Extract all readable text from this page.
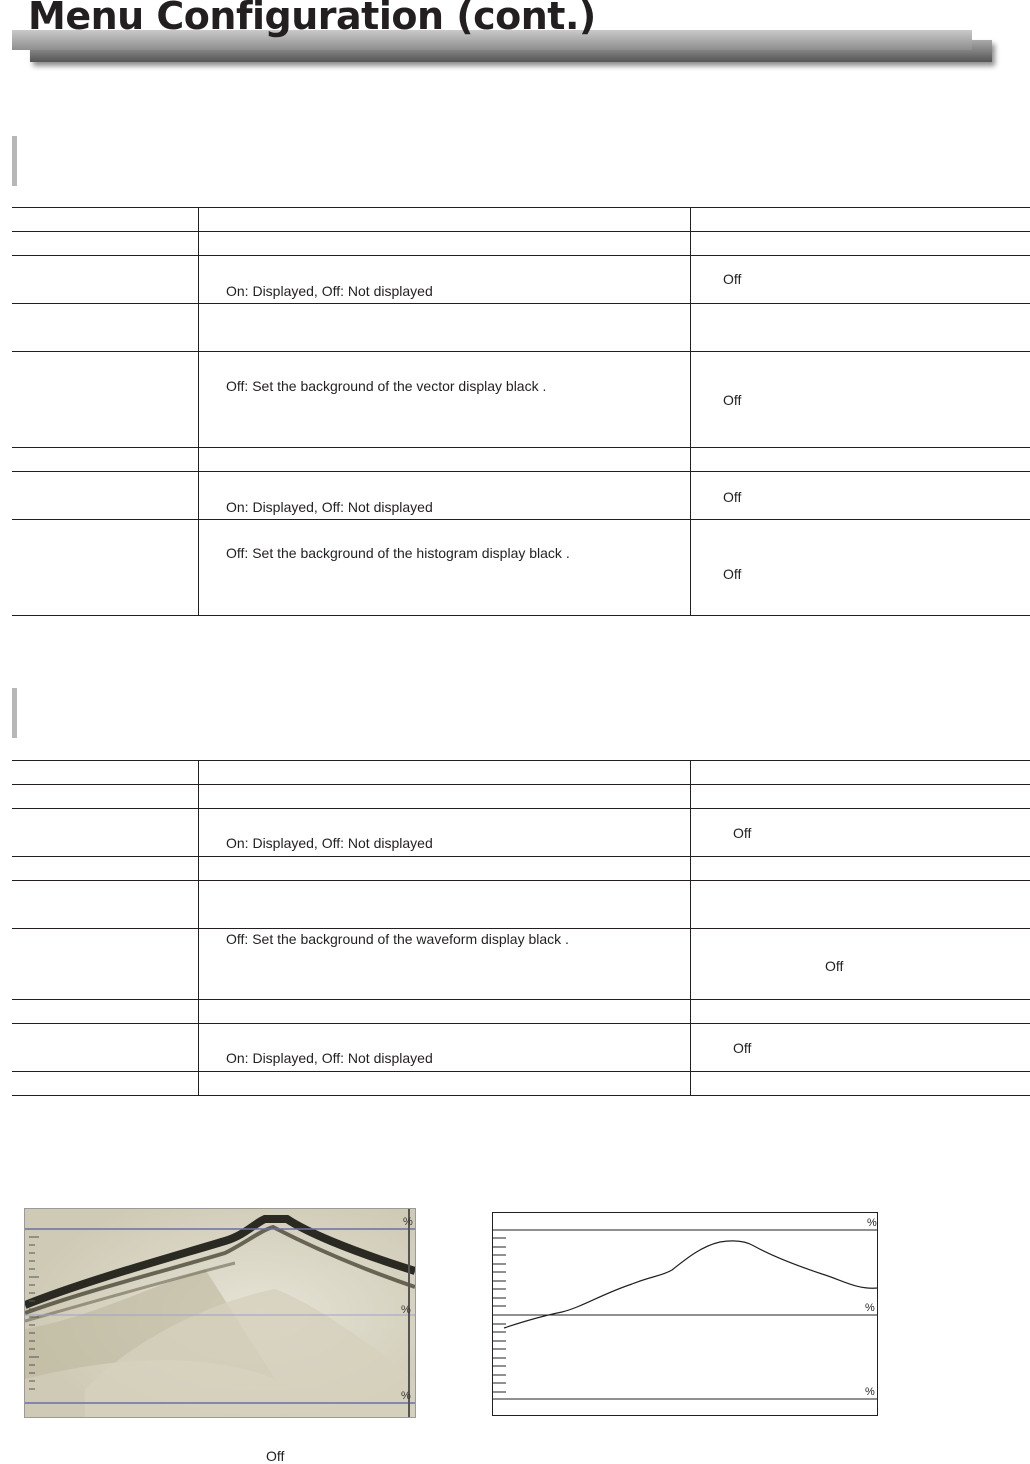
Menu Configuration (cont.)

	On: Displayed, Off: Not displayed	Off

	Off: Set the background of the vector display black .	Off

	On: Displayed, Off: Not displayed	Off

	Off: Set the background of the histogram display black .	Off

	On: Displayed, Off: Not displayed	Off

	Off: Set the background of the waveform display black .	Off

	On: Displayed, Off: Not displayed	Off

%
%
%
%
%
%
Off
